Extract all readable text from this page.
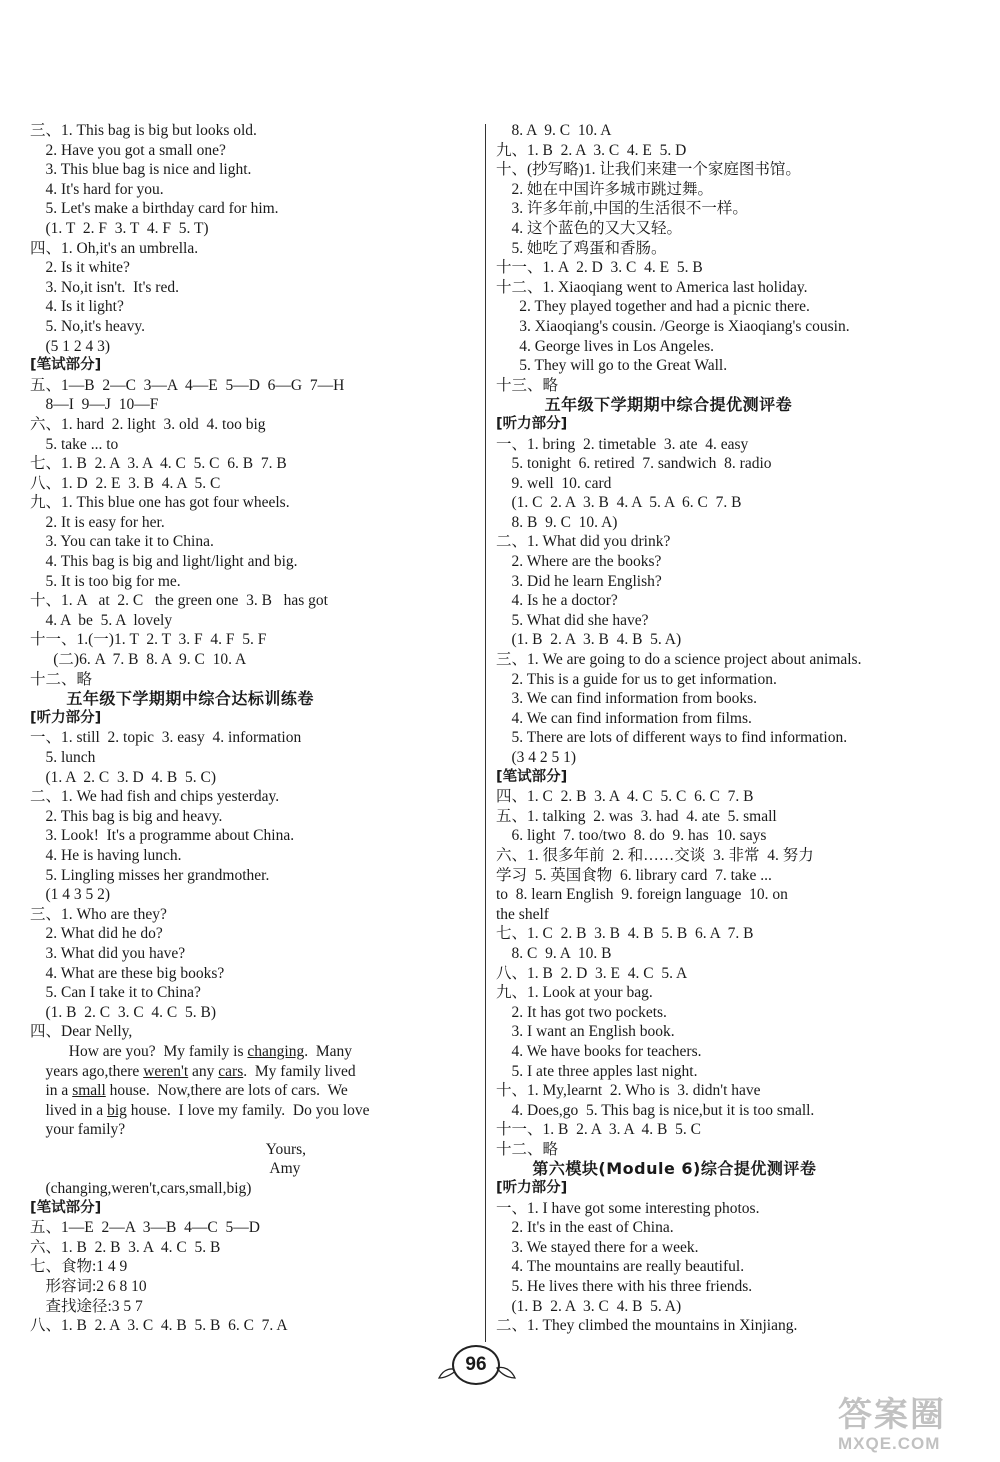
三、1. This bag is big but looks old.
2. Have you got a small one?
3. This blue bag is nice and light.
4. It's hard for you.
5. Let's make a birthday card for him.
(1. T  2. F  3. T  4. F  5. T)
四、1. Oh,it's an umbrella.
2. Is it white?
3. No,it isn't.  It's red.
4. Is it light?
5. No,it's heavy.
(5 1 2 4 3)
[笔试部分]
五、1—B  2—C  3—A  4—E  5—D  6—G  7—H
8—I  9—J  10—F
六、1. hard  2. light  3. old  4. too big
5. take ... to
七、1. B  2. A  3. A  4. C  5. C  6. B  7. B
八、1. D  2. E  3. B  4. A  5. C
九、1. This blue one has got four wheels.
2. It is easy for her.
3. You can take it to China.
4. This bag is big and light/light and big.
5. It is too big for me.
十、1. A   at  2. C   the green one  3. B   has got
4. A  be  5. A  lovely
十一、1.(一)1. T  2. T  3. F  4. F  5. F
(二)6. A  7. B  8. A  9. C  10. A
十二、略
五年级下学期期中综合达标训练卷
[听力部分]
一、1. still  2. topic  3. easy  4. information
5. lunch
(1. A  2. C  3. D  4. B  5. C)
二、1. We had fish and chips yesterday.
2. This bag is big and heavy.
3. Look!  It's a programme about China.
4. He is having lunch.
5. Lingling misses her grandmother.
(1 4 3 5 2)
三、1. Who are they?
2. What did he do?
3. What did you have?
4. What are these big books?
5. Can I take it to China?
(1. B  2. C  3. C  4. C  5. B)
四、Dear Nelly,
How are you?  My family is changing.  Many
years ago,there weren't any cars.  My family lived
in a small house.  Now,there are lots of cars.  We
lived in a big house.  I love my family.  Do you love
your family?
Yours,
Amy
(changing,weren't,cars,small,big)
[笔试部分]
五、1—E  2—A  3—B  4—C  5—D
六、1. B  2. B  3. A  4. C  5. B
七、食物:1 4 9
形容词:2 6 8 10
查找途径:3 5 7
八、1. B  2. A  3. C  4. B  5. B  6. C  7. A
8. A  9. C  10. A
九、1. B  2. A  3. C  4. E  5. D
十、(抄写略)1. 让我们来建一个家庭图书馆。
2. 她在中国许多城市跳过舞。
3. 许多年前,中国的生活很不一样。
4. 这个蓝色的又大又轻。
5. 她吃了鸡蛋和香肠。
十一、1. A  2. D  3. C  4. E  5. B
十二、1. Xiaoqiang went to America last holiday.
2. They played together and had a picnic there.
3. Xiaoqiang's cousin. /George is Xiaoqiang's cousin.
4. George lives in Los Angeles.
5. They will go to the Great Wall.
十三、略
五年级下学期期中综合提优测评卷
[听力部分]
一、1. bring  2. timetable  3. ate  4. easy
5. tonight  6. retired  7. sandwich  8. radio
9. well  10. card
(1. C  2. A  3. B  4. A  5. A  6. C  7. B
8. B  9. C  10. A)
二、1. What did you drink?
2. Where are the books?
3. Did he learn English?
4. Is he a doctor?
5. What did she have?
(1. B  2. A  3. B  4. B  5. A)
三、1. We are going to do a science project about animals.
2. This is a guide for us to get information.
3. We can find information from books.
4. We can find information from films.
5. There are lots of different ways to find information.
(3 4 2 5 1)
[笔试部分]
四、1. C  2. B  3. A  4. C  5. C  6. C  7. B
五、1. talking  2. was  3. had  4. ate  5. small
6. light  7. too/two  8. do  9. has  10. says
六、1. 很多年前  2. 和……交谈  3. 非常  4. 努力
学习  5. 英国食物  6. library card  7. take ...
to  8. learn English  9. foreign language  10. on
the shelf
七、1. C  2. B  3. B  4. B  5. B  6. A  7. B
8. C  9. A  10. B
八、1. B  2. D  3. E  4. C  5. A
九、1. Look at your bag.
2. It has got two pockets.
3. I want an English book.
4. We have books for teachers.
5. I ate three apples last night.
十、1. My,learnt  2. Who is  3. didn't have
4. Does,go  5. This bag is nice,but it is too small.
十一、1. B  2. A  3. A  4. B  5. C
十二、略
第六模块(Module 6)综合提优测评卷
[听力部分]
一、1. I have got some interesting photos.
2. It's in the east of China.
3. We stayed there for a week.
4. The mountains are really beautiful.
5. He lives there with his three friends.
(1. B  2. A  3. C  4. B  5. A)
二、1. They climbed the mountains in Xinjiang.
96
答案圈
MXQE.COM
